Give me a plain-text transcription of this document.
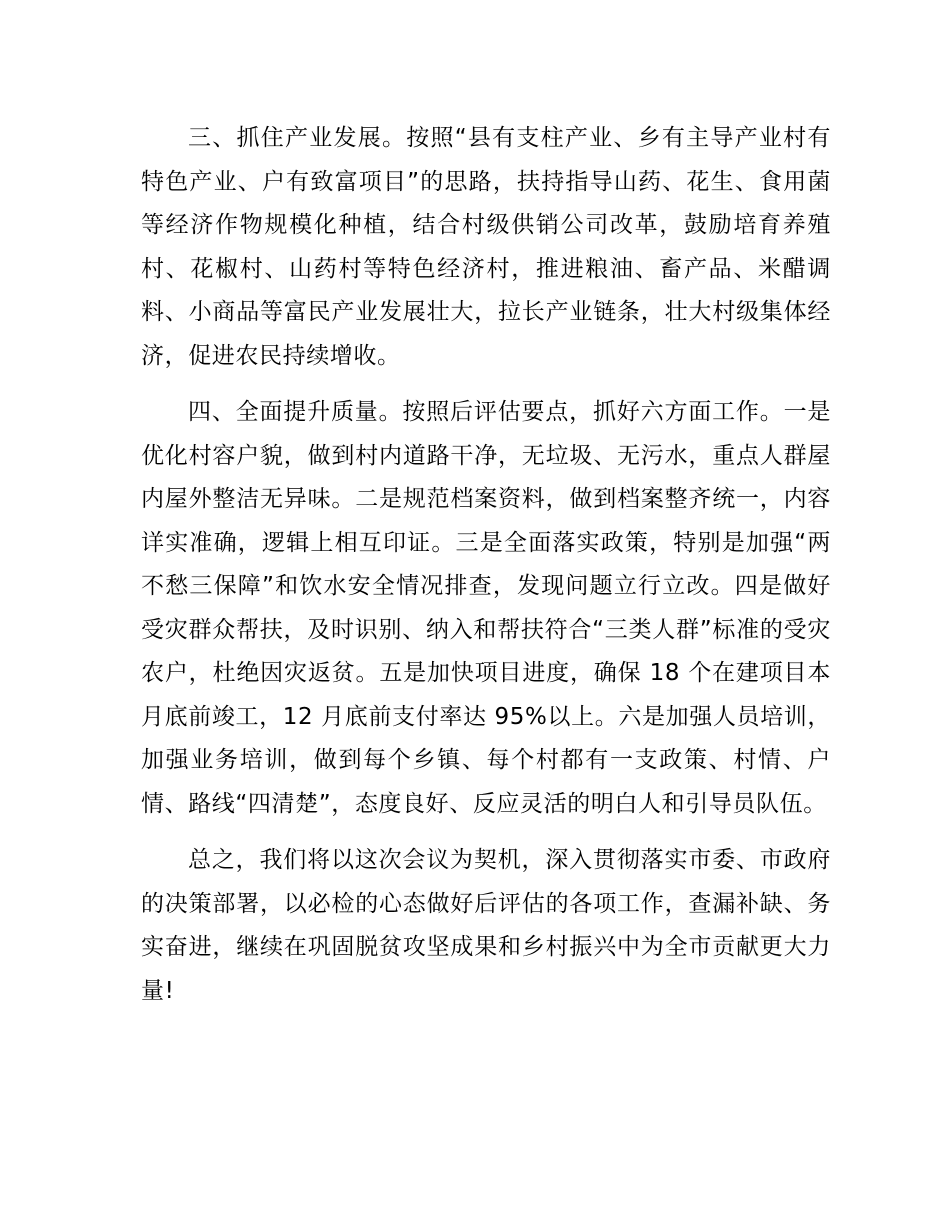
三、抓住产业发展。按照“县有支柱产业、乡有主导产业村有特色产业、户有致富项目”的思路，扶持指导山药、花生、食用菌等经济作物规模化种植，结合村级供销公司改革，鼓励培育养殖村、花椒村、山药村等特色经济村，推进粮油、畜产品、米醋调料、小商品等富民产业发展壮大，拉长产业链条，壮大村级集体经济，促进农民持续增收。

四、全面提升质量。按照后评估要点，抓好六方面工作。一是优化村容户貌，做到村内道路干净，无垃圾、无污水，重点人群屋内屋外整洁无异味。二是规范档案资料，做到档案整齐统一，内容详实准确，逻辑上相互印证。三是全面落实政策，特别是加强“两不愁三保障”和饮水安全情况排查，发现问题立行立改。四是做好受灾群众帮扶，及时识别、纳入和帮扶符合“三类人群”标准的受灾农户，杜绝因灾返贫。五是加快项目进度，确保 18 个在建项目本月底前竣工，12 月底前支付率达 95%以上。六是加强人员培训，加强业务培训，做到每个乡镇、每个村都有一支政策、村情、户情、路线“四清楚”，态度良好、反应灵活的明白人和引导员队伍。

总之，我们将以这次会议为契机，深入贯彻落实市委、市政府的决策部署，以必检的心态做好后评估的各项工作，查漏补缺、务实奋进，继续在巩固脱贫攻坚成果和乡村振兴中为全市贡献更大力量!
